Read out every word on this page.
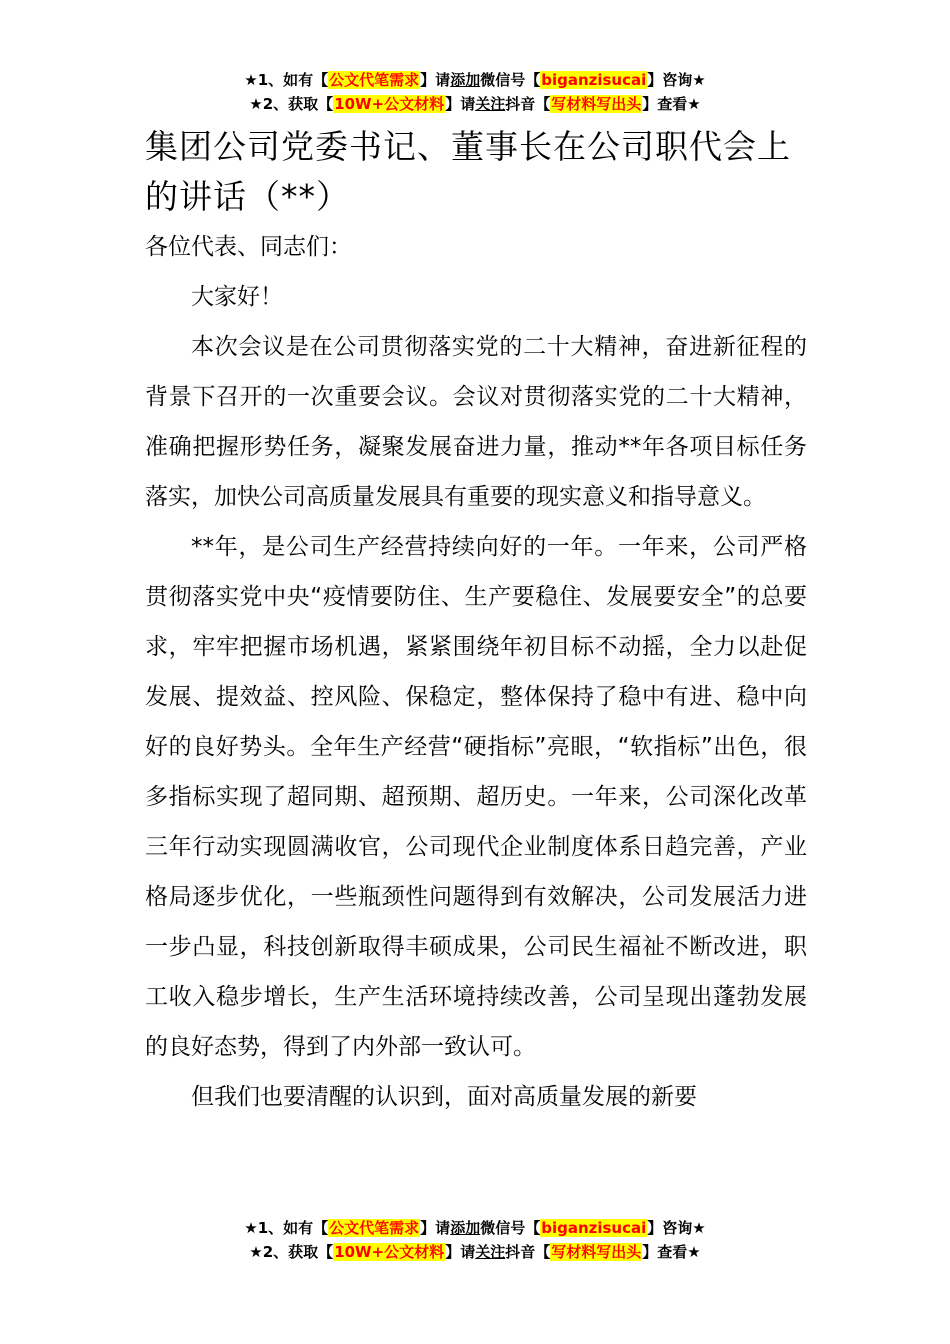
★1、如有【公文代笔需求】请添加微信号【biganzisucai】咨询★
★2、获取【10W+公文材料】请关注抖音【写材料写出头】查看★
集团公司党委书记、董事长在公司职代会上的讲话（**）

各位代表、同志们：

大家好！

本次会议是在公司贯彻落实党的二十大精神，奋进新征程的背景下召开的一次重要会议。会议对贯彻落实党的二十大精神，准确把握形势任务，凝聚发展奋进力量，推动**年各项目标任务落实，加快公司高质量发展具有重要的现实意义和指导意义。

**年，是公司生产经营持续向好的一年。一年来，公司严格贯彻落实党中央“疫情要防住、生产要稳住、发展要安全”的总要求，牢牢把握市场机遇，紧紧围绕年初目标不动摇，全力以赴促发展、提效益、控风险、保稳定，整体保持了稳中有进、稳中向好的良好势头。全年生产经营“硬指标”亮眼，“软指标”出色，很多指标实现了超同期、超预期、超历史。一年来，公司深化改革三年行动实现圆满收官，公司现代企业制度体系日趋完善，产业格局逐步优化，一些瓶颈性问题得到有效解决，公司发展活力进一步凸显，科技创新取得丰硕成果，公司民生福祉不断改进，职工收入稳步增长，生产生活环境持续改善，公司呈现出蓬勃发展的良好态势，得到了内外部一致认可。

但我们也要清醒的认识到，面对高质量发展的新要

★1、如有【公文代笔需求】请添加微信号【biganzisucai】咨询★
★2、获取【10W+公文材料】请关注抖音【写材料写出头】查看★
